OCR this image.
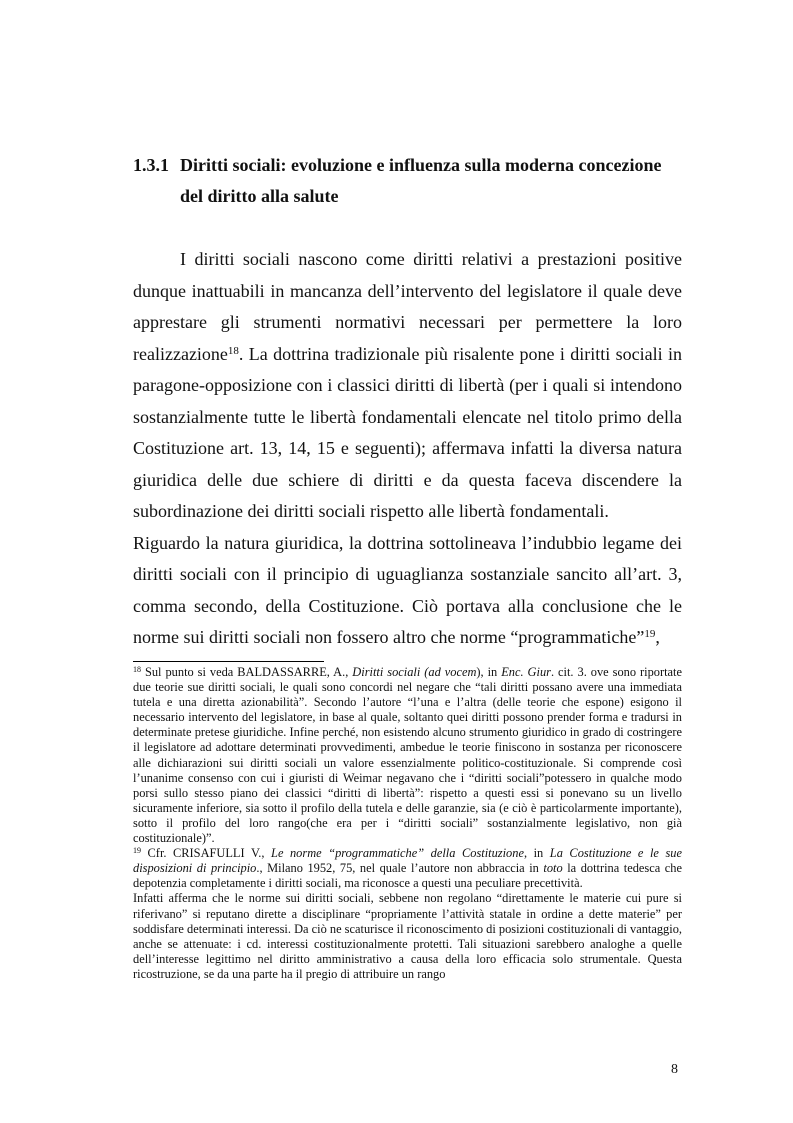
1.3.1 Diritti sociali: evoluzione e influenza sulla moderna concezione
del diritto alla salute

I diritti sociali nascono come diritti relativi a prestazioni positive dunque inattuabili in mancanza dell’intervento del legislatore il quale deve apprestare gli strumenti normativi necessari per permettere la loro realizzazione$^{18}$. La dottrina tradizionale più risalente pone i diritti sociali in paragone-opposizione con i classici diritti di libertà (per i quali si intendono sostanzialmente tutte le libertà fondamentali elencate nel titolo primo della Costituzione art. 13, 14, 15 e seguenti); affermava infatti la diversa natura giuridica delle due schiere di diritti e da questa faceva discendere la subordinazione dei diritti sociali rispetto alle libertà fondamentali.

Riguardo la natura giuridica, la dottrina sottolineava l’indubbio legame dei diritti sociali con il principio di uguaglianza sostanziale sancito all’art. 3, comma secondo, della Costituzione. Ciò portava alla conclusione che le norme sui diritti sociali non fossero altro che norme “programmatiche”$^{19}$,

$^{18}$ Sul punto si veda BALDASSARRE, A., Diritti sociali (ad vocem), in Enc. Giur. cit. 3. ove sono riportate due teorie sue diritti sociali, le quali sono concordi nel negare che “tali diritti possano avere una immediata tutela e una diretta azionabilità”. Secondo l’autore “l’una e l’altra (delle teorie che espone) esigono il necessario intervento del legislatore, in base al quale, soltanto quei diritti possono prender forma e tradursi in determinate pretese giuridiche. Infine perché, non esistendo alcuno strumento giuridico in grado di costringere il legislatore ad adottare determinati provvedimenti, ambedue le teorie finiscono in sostanza per riconoscere alle dichiarazioni sui diritti sociali un valore essenzialmente politico-costituzionale. Si comprende così l’unanime consenso con cui i giuristi di Weimar negavano che i “diritti sociali”potessero in qualche modo porsi sullo stesso piano dei classici “diritti di libertà”: rispetto a questi essi si ponevano su un livello sicuramente inferiore, sia sotto il profilo della tutela e delle garanzie, sia (e ciò è particolarmente importante), sotto il profilo del loro rango(che era per i “diritti sociali” sostanzialmente legislativo, non già costituzionale)”.

$^{19}$ Cfr. CRISAFULLI V., Le norme “programmatiche” della Costituzione, in La Costituzione e le sue disposizioni di principio., Milano 1952, 75, nel quale l’autore non abbraccia in toto la dottrina tedesca che depotenzia completamente i diritti sociali, ma riconosce a questi una peculiare precettività.

Infatti afferma che le norme sui diritti sociali, sebbene non regolano “direttamente le materie cui pure si riferivano” si reputano dirette a disciplinare “propriamente l’attività statale in ordine a dette materie” per soddisfare determinati interessi. Da ciò ne scaturisce il riconoscimento di posizioni costituzionali di vantaggio, anche se attenuate: i cd. interessi costituzionalmente protetti. Tali situazioni sarebbero analoghe a quelle dell’interesse legittimo nel diritto amministrativo a causa della loro efficacia solo strumentale. Questa ricostruzione, se da una parte ha il pregio di attribuire un rango

8
